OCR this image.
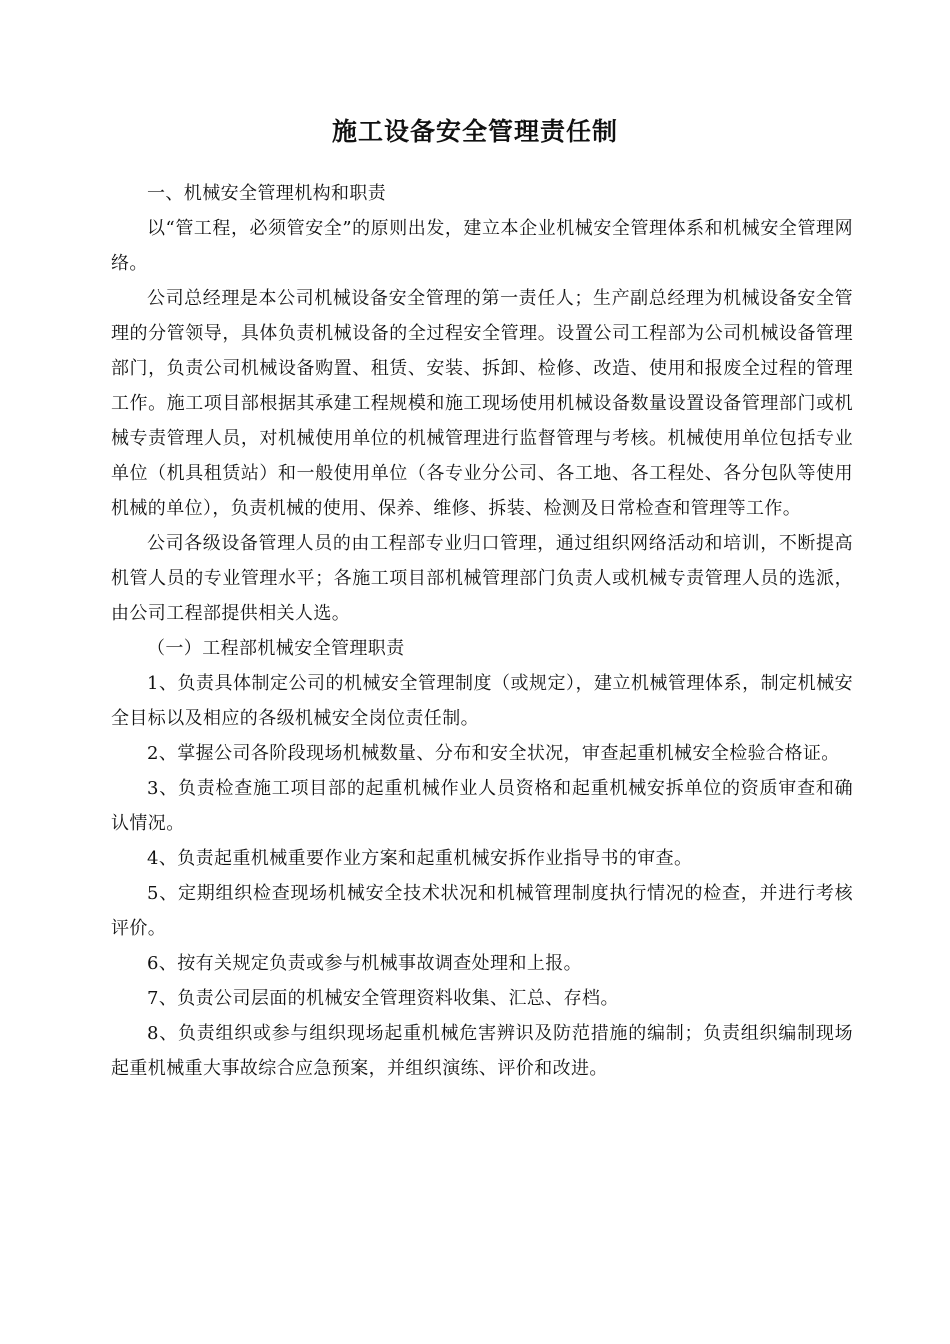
施工设备安全管理责任制

一、机械安全管理机构和职责

以“管工程，必须管安全”的原则出发，建立本企业机械安全管理体系和机械安全管理网络。

公司总经理是本公司机械设备安全管理的第一责任人；生产副总经理为机械设备安全管理的分管领导，具体负责机械设备的全过程安全管理。设置公司工程部为公司机械设备管理部门，负责公司机械设备购置、租赁、安装、拆卸、检修、改造、使用和报废全过程的管理工作。施工项目部根据其承建工程规模和施工现场使用机械设备数量设置设备管理部门或机械专责管理人员，对机械使用单位的机械管理进行监督管理与考核。机械使用单位包括专业单位（机具租赁站）和一般使用单位（各专业分公司、各工地、各工程处、各分包队等使用机械的单位），负责机械的使用、保养、维修、拆装、检测及日常检查和管理等工作。

公司各级设备管理人员的由工程部专业归口管理，通过组织网络活动和培训，不断提高机管人员的专业管理水平；各施工项目部机械管理部门负责人或机械专责管理人员的选派，由公司工程部提供相关人选。

（一）工程部机械安全管理职责

1、负责具体制定公司的机械安全管理制度（或规定），建立机械管理体系，制定机械安全目标以及相应的各级机械安全岗位责任制。

2、掌握公司各阶段现场机械数量、分布和安全状况，审查起重机械安全检验合格证。

3、负责检查施工项目部的起重机械作业人员资格和起重机械安拆单位的资质审查和确认情况。

4、负责起重机械重要作业方案和起重机械安拆作业指导书的审查。

5、定期组织检查现场机械安全技术状况和机械管理制度执行情况的检查，并进行考核评价。

6、按有关规定负责或参与机械事故调查处理和上报。

7、负责公司层面的机械安全管理资料收集、汇总、存档。

8、负责组织或参与组织现场起重机械危害辨识及防范措施的编制；负责组织编制现场起重机械重大事故综合应急预案，并组织演练、评价和改进。
